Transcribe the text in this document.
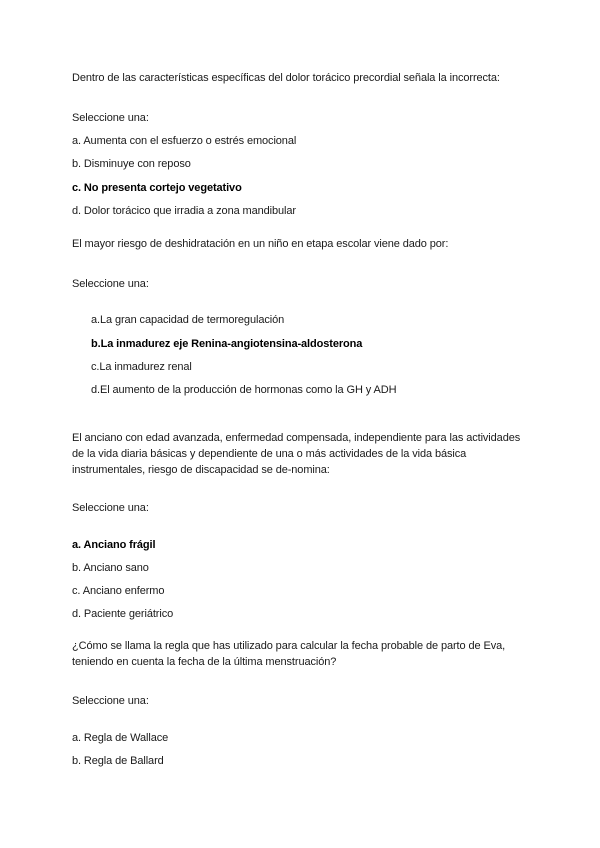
Dentro de las características específicas del dolor torácico precordial señala la incorrecta:

Seleccione una:

a. Aumenta con el esfuerzo o estrés emocional

b. Disminuye con reposo

c. No presenta cortejo vegetativo

d. Dolor torácico que irradia a zona mandibular

El mayor riesgo de deshidratación en un niño en etapa escolar viene dado por:

Seleccione una:

a.La gran capacidad de termoregulación

b.La inmadurez eje Renina-angiotensina-aldosterona

c.La inmadurez renal

d.El aumento de la producción de hormonas como la GH y ADH

El anciano con edad avanzada, enfermedad compensada, independiente para las actividades de la vida diaria básicas y dependiente de una o más actividades de la vida básica instrumentales, riesgo de discapacidad se de-nomina:

Seleccione una:

a. Anciano frágil

b. Anciano sano

c. Anciano enfermo

d. Paciente geriátrico

¿Cómo se llama la regla que has utilizado para calcular la fecha probable de parto de Eva, teniendo en cuenta la fecha de la última menstruación?

Seleccione una:

a. Regla de Wallace

b. Regla de Ballard
